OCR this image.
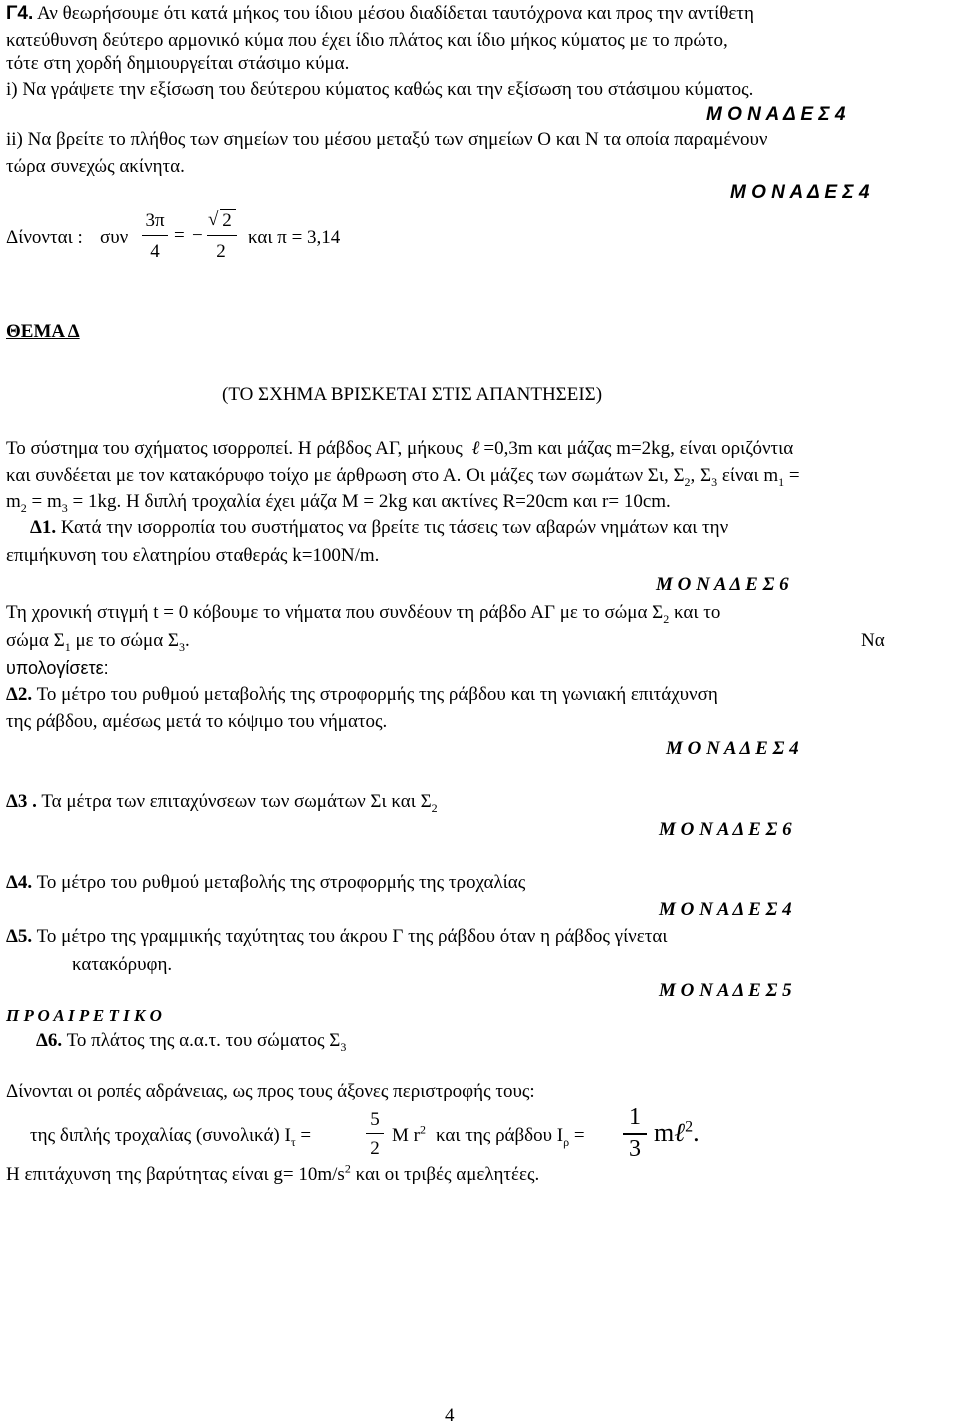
Γ4. Αν θεωρήσουμε ότι κατά μήκος του ίδιου μέσου διαδίδεται ταυτόχρονα και προς την αντίθετη
κατεύθυνση δεύτερο αρμονικό κύμα που έχει ίδιο πλάτος και ίδιο μήκος κύματος με το πρώτο,
τότε στη χορδή δημιουργείται στάσιμο κύμα.
i) Να γράψετε την εξίσωση του δεύτερου κύματος καθώς και την εξίσωση του στάσιμου κύματος.
Μ Ο Ν Α Δ Ε Σ 4
ii) Να βρείτε το πλήθος των σημείων του μέσου μεταξύ των σημείων Ο και Ν τα οποία παραμένουν
τώρα συνεχώς ακίνητα.
Μ Ο Ν Α Δ Ε Σ 4
Δίνονται : συν
3π
4
= −
√ 2
2
και π = 3,14
ΘΕΜΑ Δ
(ΤΟ ΣΧΗΜΑ ΒΡΙΣΚΕΤΑΙ ΣΤΙΣ ΑΠΑΝΤΗΣΕΙΣ)
Το σύστημα του σχήματος ισορροπεί. Η ράβδος ΑΓ, μήκους ℓ =0,3m και μάζας m=2kg, είναι οριζόντια
και συνδέεται με τον κατακόρυφο τοίχο με άρθρωση στο Α. Οι μάζες των σωμάτων Σι, $\Sigma_2$, $\Sigma_3$ είναι $m_1$ =
$m_2 = m_3 = 1kg$. Η διπλή τροχαλία έχει μάζα Μ = 2kg και ακτίνες R=20cm και r= 10cm.
Δ1. Κατά την ισορροπία του συστήματος να βρείτε τις τάσεις των αβαρών νημάτων και την
επιμήκυνση του ελατηρίου σταθεράς k=100N/m.
Μ Ο Ν Α Δ Ε Σ 6
Τη χρονική στιγμή t = 0 κόβουμε το νήματα που συνδέουν τη ράβδο ΑΓ με το σώμα $\Sigma_2$ και το
σώμα $\Sigma_1$ με το σώμα $\Sigma_3$.	Να
υπολογίσετε:
Δ2. Το μέτρο του ρυθμού μεταβολής της στροφορμής της ράβδου και τη γωνιακή επιτάχυνση
της ράβδου, αμέσως μετά το κόψιμο του νήματος.
Μ Ο Ν Α Δ Ε Σ 4
Δ3 . Τα μέτρα των επιταχύνσεων των σωμάτων Σι και $\Sigma_2$
Μ Ο Ν Α Δ Ε Σ 6
Δ4. Το μέτρο του ρυθμού μεταβολής της στροφορμής της τροχαλίας
Μ Ο Ν Α Δ Ε Σ 4
Δ5. Το μέτρο της γραμμικής ταχύτητας του άκρου Γ της ράβδου όταν η ράβδος γίνεται
κατακόρυφη.
Μ Ο Ν Α Δ Ε Σ 5
Π Ρ Ο Α Ι Ρ Ε Τ Ι Κ Ο
Δ6. Το πλάτος της α.α.τ. του σώματος $\Sigma_3$
Δίνονται οι ροπές αδράνειας, ως προς τους άξονες περιστροφής τους:
της διπλής τροχαλίας (συνολικά) $I_\tau$ =
5
2
M $r^2$ και της ράβδου $I_\rho$ =
1
3
mℓ$^2$.
Η επιτάχυνση της βαρύτητας είναι $g= 10m/s^2$ και οι τριβές αμελητέες.
4
